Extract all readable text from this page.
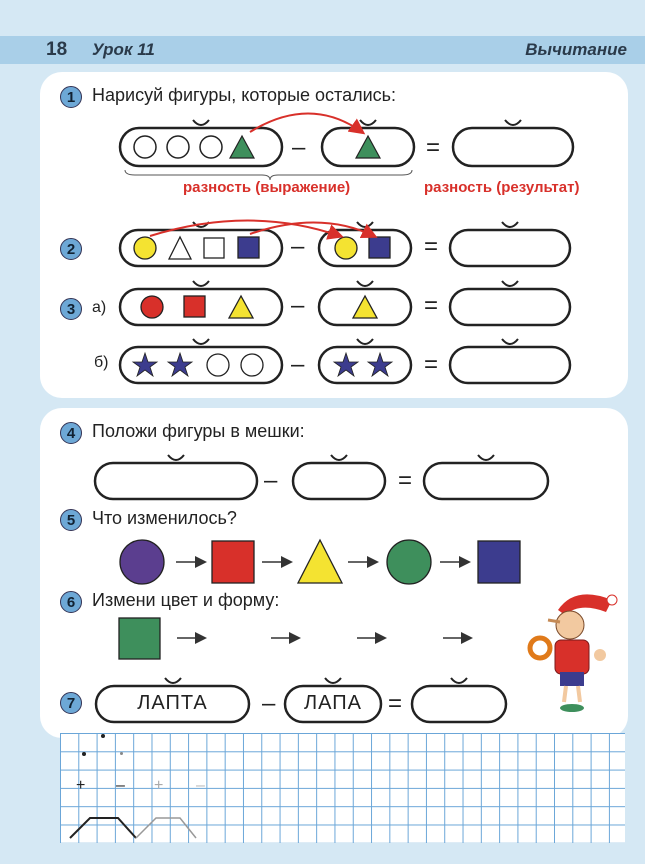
18 Урок 11	Вычитание
1 Нарисуй фигуры, которые остались:
2
3	а)
б)
4 Положи фигуры в мешки:
5 Что изменилось?
6 Измени цвет и форму:
7
разность (выражение)	разность (результат)
–	=
–	=
–	=
–	=
–	=
–	=
ЛАПТА	ЛАПА
+ – + –
